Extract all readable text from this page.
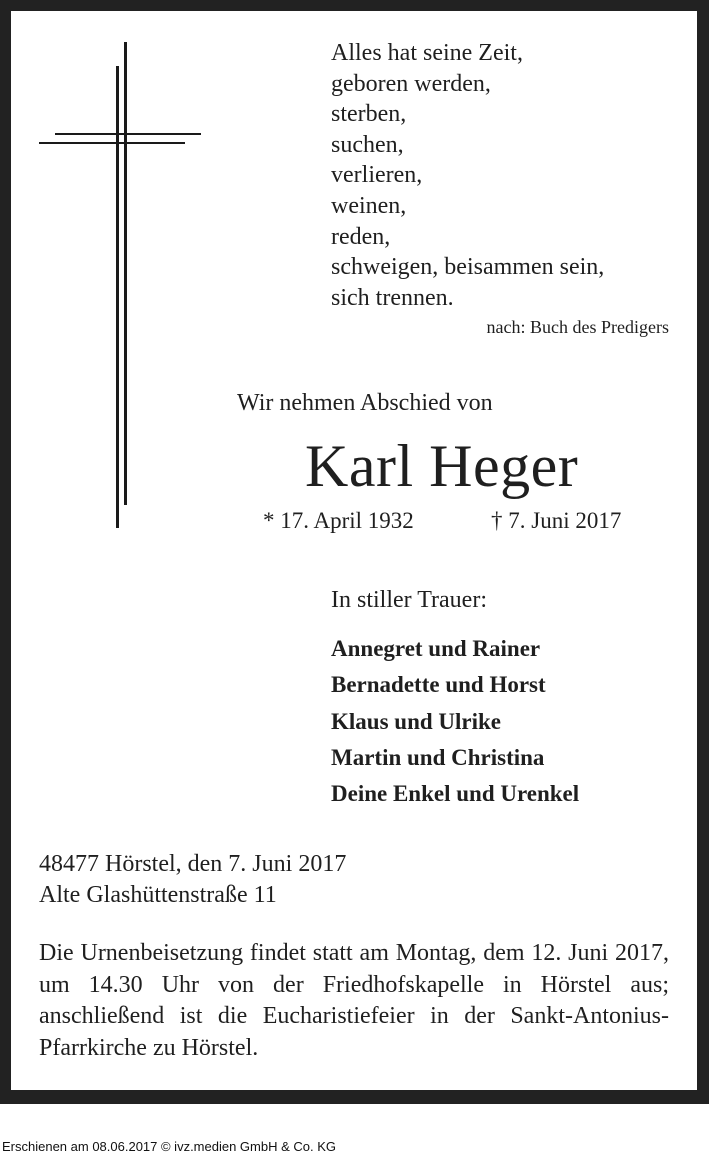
Alles hat seine Zeit,
geboren werden,
sterben,
suchen,
verlieren,
weinen,
reden,
schweigen, beisammen sein,
sich trennen.
nach: Buch des Predigers
Wir nehmen Abschied von
Karl Heger
* 17. April 1932	† 7. Juni 2017
In stiller Trauer:
Annegret und Rainer
Bernadette und Horst
Klaus und Ulrike
Martin und Christina
Deine Enkel und Urenkel
48477 Hörstel, den 7. Juni 2017
Alte Glashüttenstraße 11
Die Urnenbeisetzung findet statt am Montag, dem 12. Juni 2017, um 14.30 Uhr von der Friedhofskapelle in Hörstel aus; anschließend ist die Eucharistiefeier in der Sankt-Antonius-Pfarrkirche zu Hörstel.
Erschienen am 08.06.2017 © ivz.medien GmbH & Co. KG
